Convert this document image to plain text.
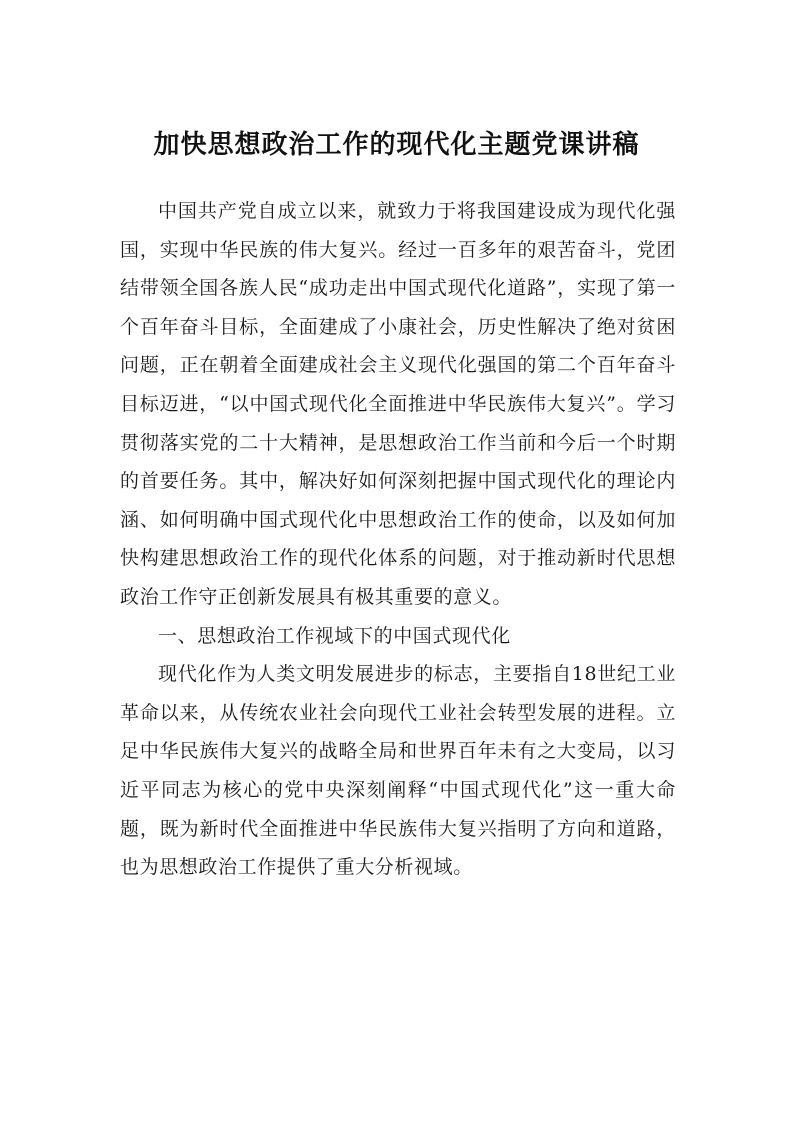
加快思想政治工作的现代化主题党课讲稿

中国共产党自成立以来，就致力于将我国建设成为现代化强国，实现中华民族的伟大复兴。经过一百多年的艰苦奋斗，党团结带领全国各族人民“成功走出中国式现代化道路”，实现了第一个百年奋斗目标，全面建成了小康社会，历史性解决了绝对贫困问题，正在朝着全面建成社会主义现代化强国的第二个百年奋斗目标迈进，“以中国式现代化全面推进中华民族伟大复兴”。学习贯彻落实党的二十大精神，是思想政治工作当前和今后一个时期的首要任务。其中，解决好如何深刻把握中国式现代化的理论内涵、如何明确中国式现代化中思想政治工作的使命，以及如何加快构建思想政治工作的现代化体系的问题，对于推动新时代思想政治工作守正创新发展具有极其重要的意义。

一、思想政治工作视域下的中国式现代化

现代化作为人类文明发展进步的标志，主要指自18世纪工业革命以来，从传统农业社会向现代工业社会转型发展的进程。立足中华民族伟大复兴的战略全局和世界百年未有之大变局，以习近平同志为核心的党中央深刻阐释“中国式现代化”这一重大命题，既为新时代全面推进中华民族伟大复兴指明了方向和道路，也为思想政治工作提供了重大分析视域。
